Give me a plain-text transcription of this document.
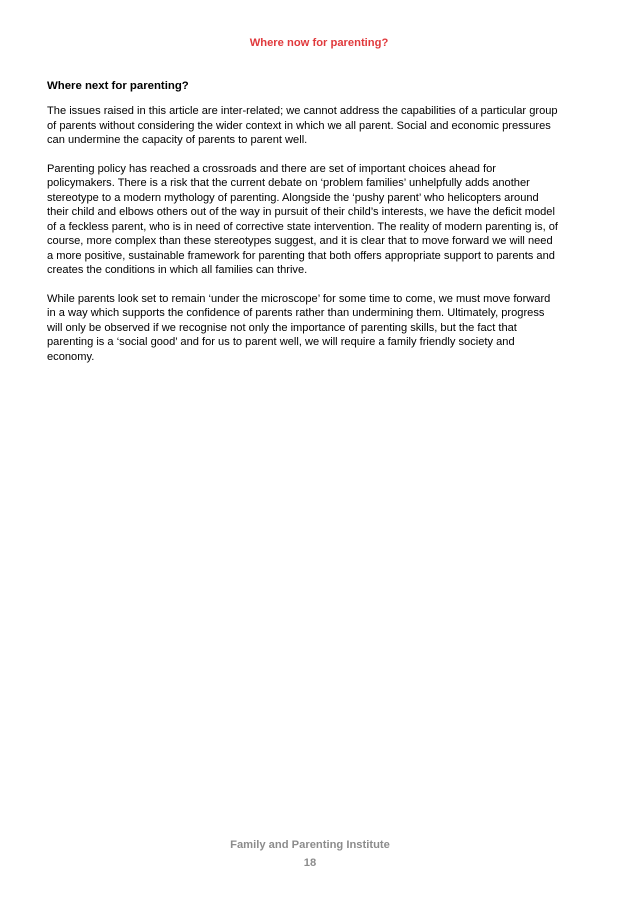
Where now for parenting?
Where next for parenting?

The issues raised in this article are inter-related; we cannot address the capabilities of a particular group
of parents without considering the wider context in which we all parent. Social and economic pressures
can undermine the capacity of parents to parent well.

Parenting policy has reached a crossroads and there are set of important choices ahead for
policymakers. There is a risk that the current debate on ‘problem families’ unhelpfully adds another
stereotype to a modern mythology of parenting. Alongside the ‘pushy parent’ who helicopters around
their child and elbows others out of the way in pursuit of their child’s interests, we have the deficit model
of a feckless parent, who is in need of corrective state intervention. The reality of modern parenting is, of
course, more complex than these stereotypes suggest, and it is clear that to move forward we will need
a more positive, sustainable framework for parenting that both offers appropriate support to parents and
creates the conditions in which all families can thrive.

While parents look set to remain ‘under the microscope’ for some time to come, we must move forward
in a way which supports the confidence of parents rather than undermining them. Ultimately, progress
will only be observed if we recognise not only the importance of parenting skills, but the fact that
parenting is a ‘social good’ and for us to parent well, we will require a family friendly society and
economy.

Family and Parenting Institute
18
